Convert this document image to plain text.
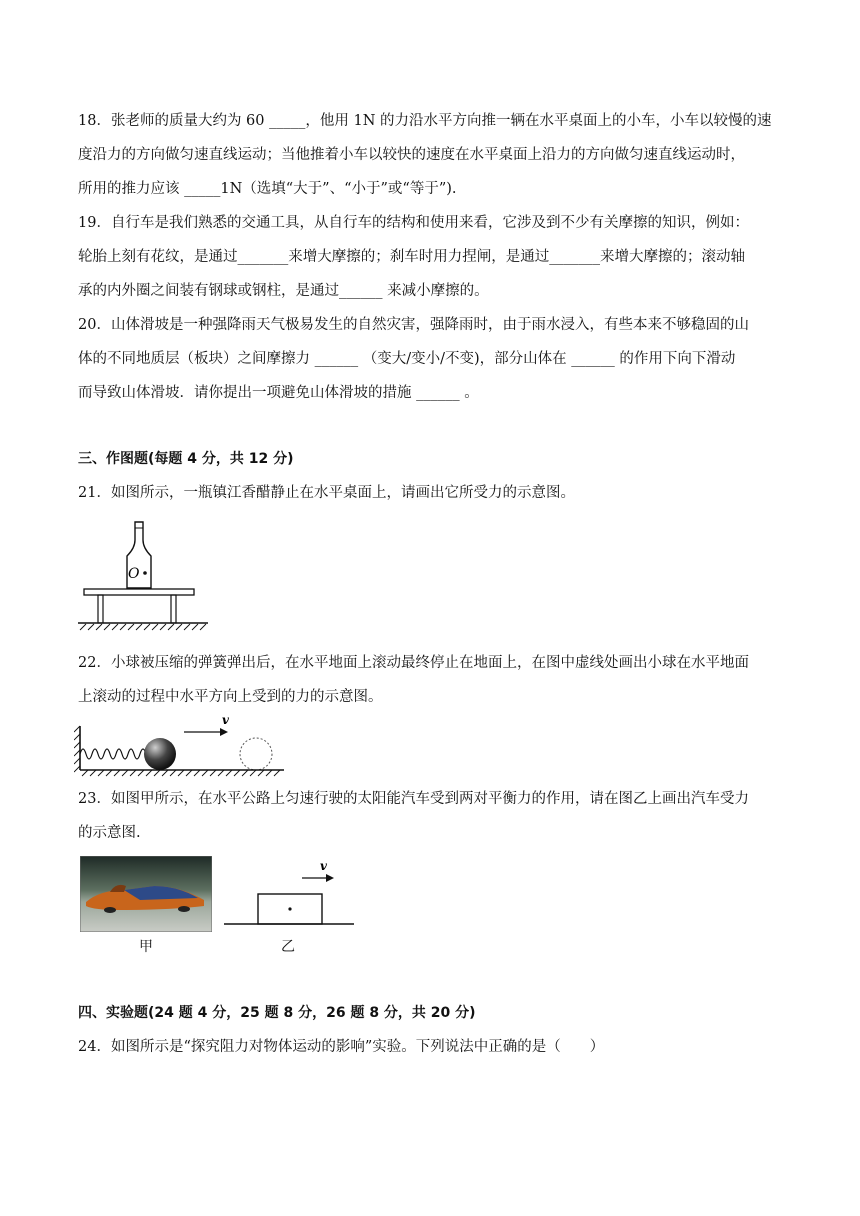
18．张老师的质量大约为 60 _____，他用 1N 的力沿水平方向推一辆在水平桌面上的小车，小车以较慢的速
度沿力的方向做匀速直线运动；当他推着小车以较快的速度在水平桌面上沿力的方向做匀速直线运动时，
所用的推力应该 _____1N（选填“大于”、“小于”或“等于”).
19．自行车是我们熟悉的交通工具，从自行车的结构和使用来看，它涉及到不少有关摩擦的知识，例如：
轮胎上刻有花纹，是通过_______来增大摩擦的；刹车时用力捏闸，是通过_______来增大摩擦的；滚动轴
承的内外圈之间装有钢球或钢柱，是通过______ 来减小摩擦的。
20．山体滑坡是一种强降雨天气极易发生的自然灾害，强降雨时，由于雨水浸入，有些本来不够稳固的山
体的不同地质层（板块）之间摩擦力 ______ （变大/变小/不变)，部分山体在 ______ 的作用下向下滑动
而导致山体滑坡．请你提出一项避免山体滑坡的措施 ______ 。
三、作图题(每题 4 分，共 12 分)
21．如图所示，一瓶镇江香醋静止在水平桌面上，请画出它所受力的示意图。
O
22．小球被压缩的弹簧弹出后，在水平地面上滚动最终停止在地面上，在图中虚线处画出小球在水平地面
上滚动的过程中水平方向上受到的力的示意图。
v
23．如图甲所示，在水平公路上匀速行驶的太阳能汽车受到两对平衡力的作用，请在图乙上画出汽车受力
的示意图.
甲
v
乙
四、实验题(24 题 4 分，25 题 8 分，26 题 8 分，共 20 分)
24．如图所示是“探究阻力对物体运动的影响”实验。下列说法中正确的是（　　）
